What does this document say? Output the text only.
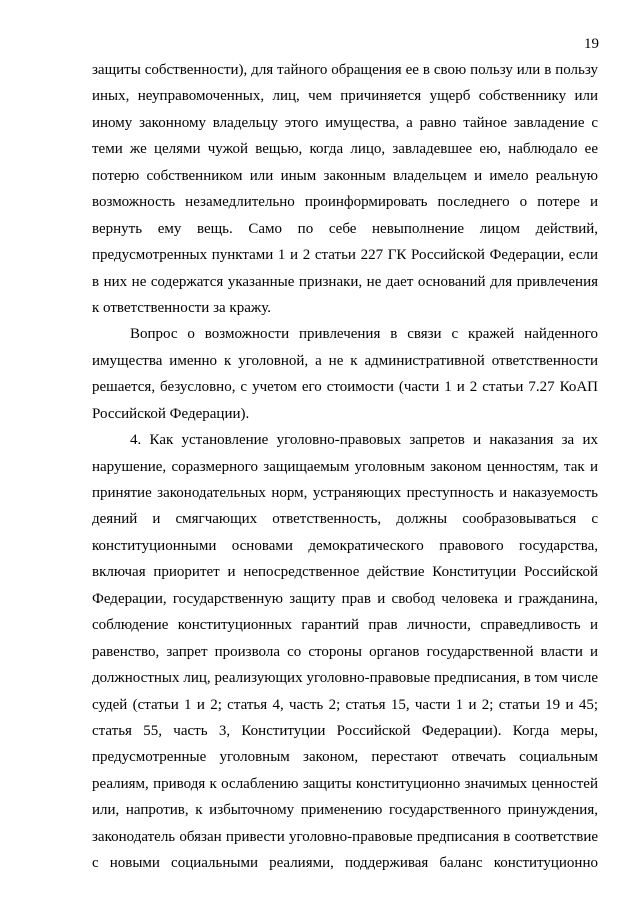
19
защиты собственности), для тайного обращения ее в свою пользу или в пользу
иных, неуправомоченных, лиц, чем причиняется ущерб собственнику или
иному законному владельцу этого имущества, а равно тайное завладение с
теми же целями чужой вещью, когда лицо, завладевшее ею, наблюдало ее
потерю собственником или иным законным владельцем и имело реальную
возможность незамедлительно проинформировать последнего о потере и
вернуть ему вещь. Само по себе невыполнение лицом действий,
предусмотренных пунктами 1 и 2 статьи 227 ГК Российской Федерации, если
в них не содержатся указанные признаки, не дает оснований для привлечения
к ответственности за кражу.
Вопрос о возможности привлечения в связи с кражей найденного
имущества именно к уголовной, а не к административной ответственности
решается, безусловно, с учетом его стоимости (части 1 и 2 статьи 7.27 КоАП
Российской Федерации).
4. Как установление уголовно-правовых запретов и наказания за их
нарушение, соразмерного защищаемым уголовным законом ценностям, так и
принятие законодательных норм, устраняющих преступность и наказуемость
деяний и смягчающих ответственность, должны сообразовываться с
конституционными основами демократического правового государства,
включая приоритет и непосредственное действие Конституции Российской
Федерации, государственную защиту прав и свобод человека и гражданина,
соблюдение конституционных гарантий прав личности, справедливость и
равенство, запрет произвола со стороны органов государственной власти и
должностных лиц, реализующих уголовно-правовые предписания, в том числе
судей (статьи 1 и 2; статья 4, часть 2; статья 15, части 1 и 2; статьи 19 и 45;
статья 55, часть 3, Конституции Российской Федерации). Когда меры,
предусмотренные уголовным законом, перестают отвечать социальным
реалиям, приводя к ослаблению защиты конституционно значимых ценностей
или, напротив, к избыточному применению государственного принуждения,
законодатель обязан привести уголовно-правовые предписания в соответствие
с новыми социальными реалиями, поддерживая баланс конституционно
